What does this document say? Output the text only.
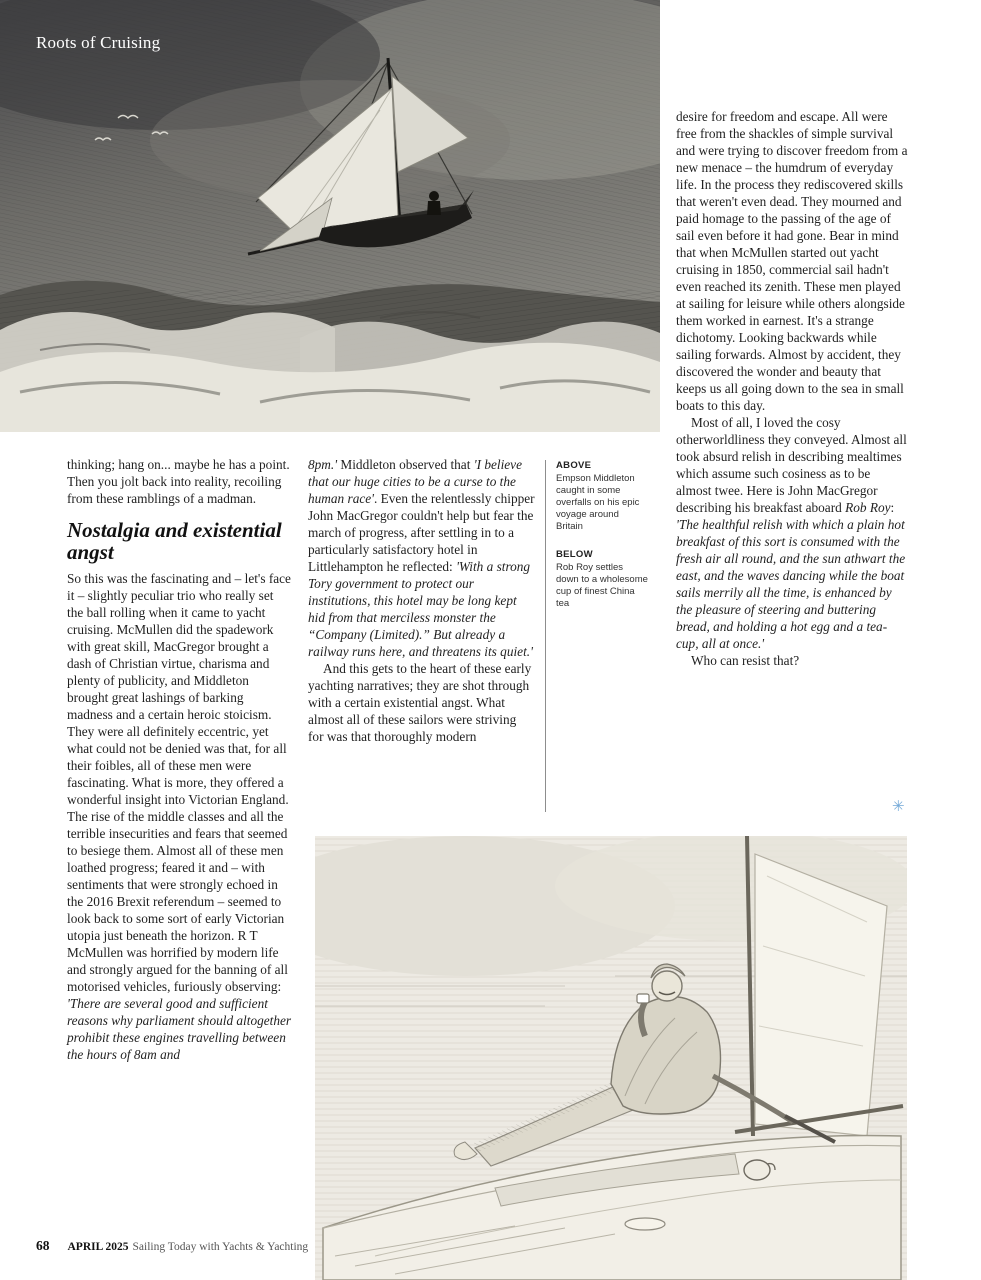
Roots of Cruising

thinking; hang on... maybe he has a point. Then you jolt back into reality, recoiling from these ramblings of a madman.

Nostalgia and existential angst

So this was the fascinating and – let's face it – slightly peculiar trio who really set the ball rolling when it came to yacht cruising. McMullen did the spadework with great skill, MacGregor brought a dash of Christian virtue, charisma and plenty of publicity, and Middleton brought great lashings of barking madness and a certain heroic stoicism. They were all definitely eccentric, yet what could not be denied was that, for all their foibles, all of these men were fascinating. What is more, they offered a wonderful insight into Victorian England. The rise of the middle classes and all the terrible insecurities and fears that seemed to besiege them. Almost all of these men loathed progress; feared it and – with sentiments that were strongly echoed in the 2016 Brexit referendum – seemed to look back to some sort of early Victorian utopia just beneath the horizon. R T McMullen was horrified by modern life and strongly argued for the banning of all motorised vehicles, furiously observing: 'There are several good and sufficient reasons why parliament should altogether prohibit these engines travelling between the hours of 8am and

8pm.' Middleton observed that 'I believe that our huge cities to be a curse to the human race'. Even the relentlessly chipper John MacGregor couldn't help but fear the march of progress, after settling in to a particularly satisfactory hotel in Littlehampton he reflected: 'With a strong Tory government to protect our institutions, this hotel may be long kept hid from that merciless monster the “Company (Limited).” But already a railway runs here, and threatens its quiet.'

And this gets to the heart of these early yachting narratives; they are shot through with a certain existential angst. What almost all of these sailors were striving for was that thoroughly modern

desire for freedom and escape. All were free from the shackles of simple survival and were trying to discover freedom from a new menace – the humdrum of everyday life. In the process they rediscovered skills that weren't even dead. They mourned and paid homage to the passing of the age of sail even before it had gone. Bear in mind that when McMullen started out yacht cruising in 1850, commercial sail hadn't even reached its zenith. These men played at sailing for leisure while others alongside them worked in earnest. It's a strange dichotomy. Looking backwards while sailing forwards. Almost by accident, they discovered the wonder and beauty that keeps us all going down to the sea in small boats to this day.

Most of all, I loved the cosy otherworldliness they conveyed. Almost all took absurd relish in describing mealtimes which assume such cosiness as to be almost twee. Here is John MacGregor describing his breakfast aboard Rob Roy: 'The healthful relish with which a plain hot breakfast of this sort is consumed with the fresh air all round, and the sun athwart the east, and the waves dancing while the boat sails merrily all the time, is enhanced by the pleasure of steering and buttering bread, and holding a hot egg and a tea-cup, all at once.'

Who can resist that?

ABOVE
Empson Middleton caught in some overfalls on his epic voyage around Britain
BELOW
Rob Roy settles down to a wholesome cup of finest China tea
✳
68 APRIL 2025 Sailing Today with Yachts & Yachting
